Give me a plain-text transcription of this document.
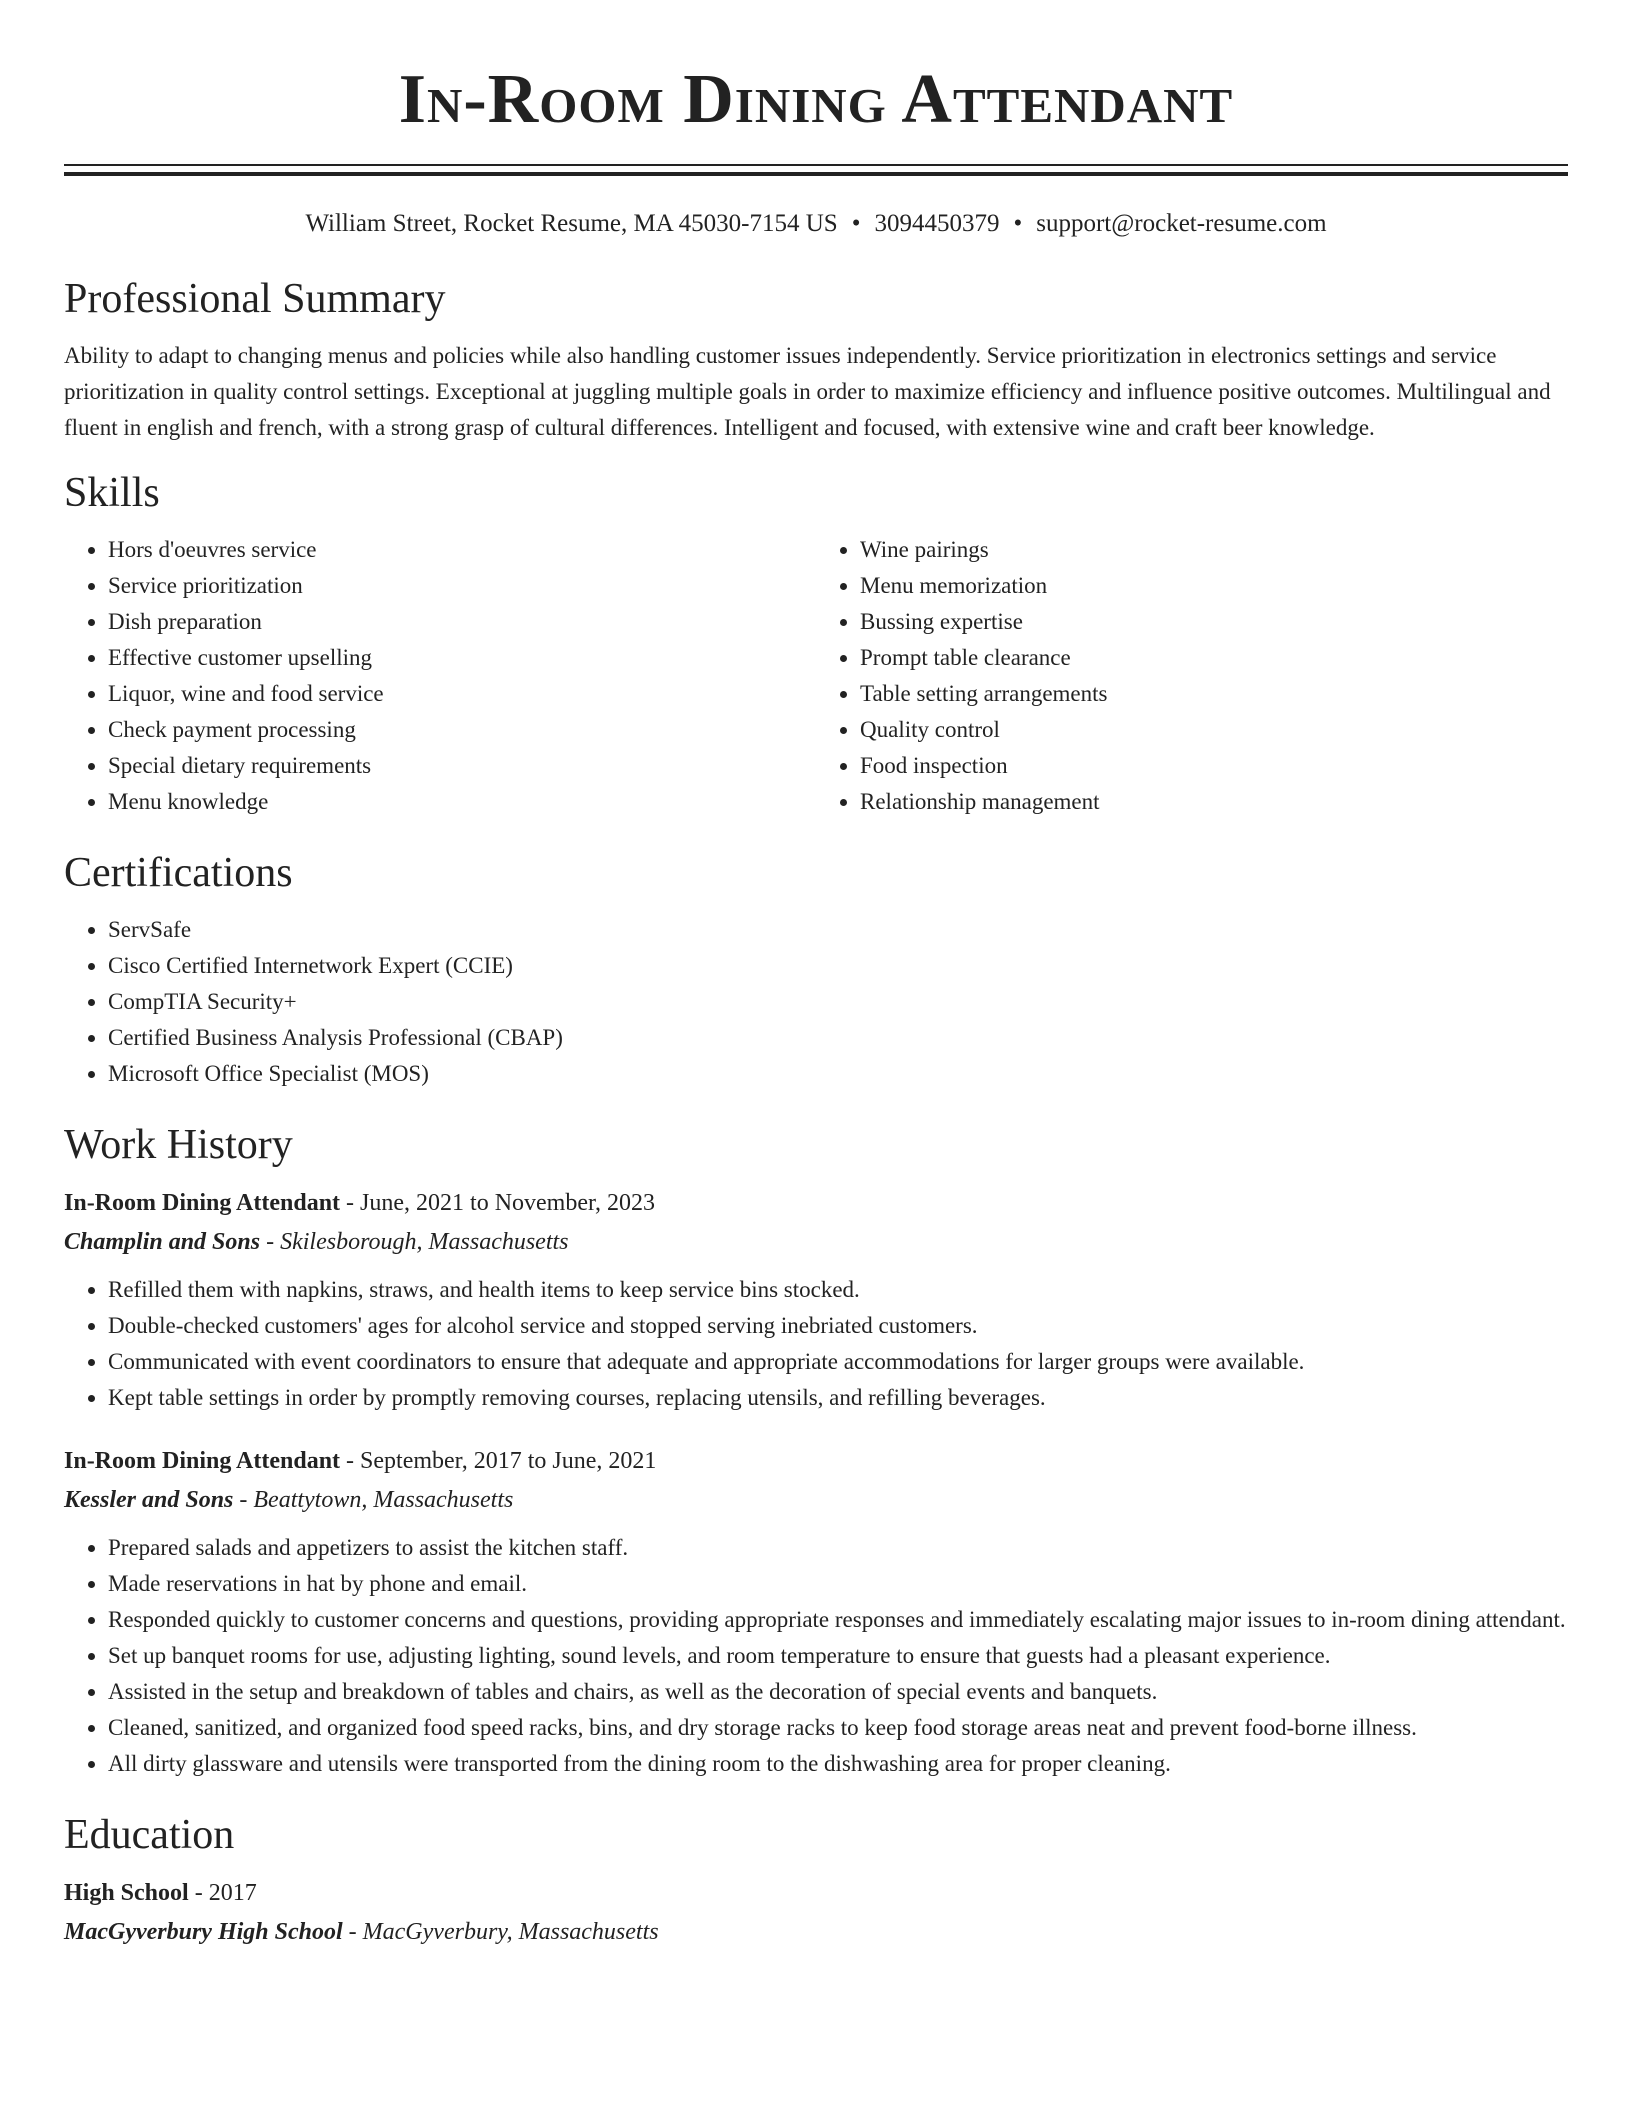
In-Room Dining Attendant
William Street, Rocket Resume, MA 45030-7154 US • 3094450379 • support@rocket-resume.com
Professional Summary

Ability to adapt to changing menus and policies while also handling customer issues independently. Service prioritization in electronics settings and service prioritization in quality control settings. Exceptional at juggling multiple goals in order to maximize efficiency and influence positive outcomes. Multilingual and fluent in english and french, with a strong grasp of cultural differences. Intelligent and focused, with extensive wine and craft beer knowledge.

Skills
• Hors d'oeuvres service
• Service prioritization
• Dish preparation
• Effective customer upselling
• Liquor, wine and food service
• Check payment processing
• Special dietary requirements
• Menu knowledge
• Wine pairings
• Menu memorization
• Bussing expertise
• Prompt table clearance
• Table setting arrangements
• Quality control
• Food inspection
• Relationship management
Certifications
• ServSafe
• Cisco Certified Internetwork Expert (CCIE)
• CompTIA Security+
• Certified Business Analysis Professional (CBAP)
• Microsoft Office Specialist (MOS)
Work History
In-Room Dining Attendant - June, 2021 to November, 2023
Champlin and Sons - Skilesborough, Massachusetts
• Refilled them with napkins, straws, and health items to keep service bins stocked.
• Double-checked customers' ages for alcohol service and stopped serving inebriated customers.
• Communicated with event coordinators to ensure that adequate and appropriate accommodations for larger groups were available.
• Kept table settings in order by promptly removing courses, replacing utensils, and refilling beverages.
In-Room Dining Attendant - September, 2017 to June, 2021
Kessler and Sons - Beattytown, Massachusetts
• Prepared salads and appetizers to assist the kitchen staff.
• Made reservations in hat by phone and email.
• Responded quickly to customer concerns and questions, providing appropriate responses and immediately escalating major issues to in-room dining attendant.
• Set up banquet rooms for use, adjusting lighting, sound levels, and room temperature to ensure that guests had a pleasant experience.
• Assisted in the setup and breakdown of tables and chairs, as well as the decoration of special events and banquets.
• Cleaned, sanitized, and organized food speed racks, bins, and dry storage racks to keep food storage areas neat and prevent food-borne illness.
• All dirty glassware and utensils were transported from the dining room to the dishwashing area for proper cleaning.
Education
High School - 2017
MacGyverbury High School - MacGyverbury, Massachusetts
